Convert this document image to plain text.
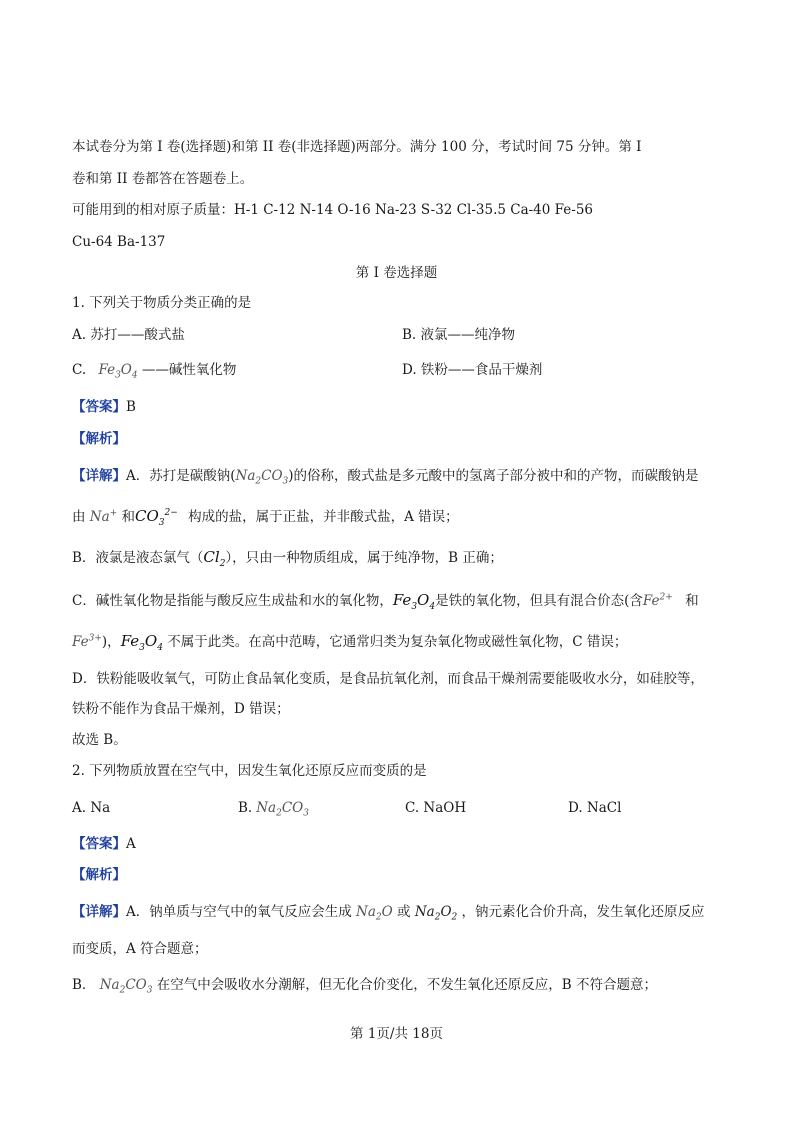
本试卷分为第 I 卷(选择题)和第 II 卷(非选择题)两部分。满分 100 分，考试时间 75 分钟。第 I
卷和第 II 卷都答在答题卷上。
可能用到的相对原子质量：H-1 C-12 N-14 O-16 Na-23 S-32 Cl-35.5 Ca-40 Fe-56
Cu-64 Ba-137
第 I 卷选择题
1. 下列关于物质分类正确的是
A. 苏打——酸式盐	B. 液氯——纯净物
C. $Fe_3O_4$ ——碱性氧化物	D. 铁粉——食品干燥剂
【答案】B
【解析】
【详解】A．苏打是碳酸钠$(Na_2CO_3)$的俗称，酸式盐是多元酸中的氢离子部分被中和的产物，而碳酸钠是
由 Na+ 和$CO_3^{2-}$ 构成的盐，属于正盐，并非酸式盐，A 错误；
B．液氯是液态氯气$(Cl_2)$，只由一种物质组成，属于纯净物，B 正确；
C．碱性氧化物是指能与酸反应生成盐和水的氧化物，$Fe_3O_4$是铁的氧化物，但具有混合价态(含$Fe^{2+}$ 和
$Fe^{3+}$)，$Fe_3O_4$ 不属于此类。在高中范畴，它通常归类为复杂氧化物或磁性氧化物，C 错误；
D．铁粉能吸收氧气，可防止食品氧化变质，是食品抗氧化剂，而食品干燥剂需要能吸收水分，如硅胶等，
铁粉不能作为食品干燥剂，D 错误；
故选 B。
2. 下列物质放置在空气中，因发生氧化还原反应而变质的是
A. Na	B. $Na_2CO_3$	C. NaOH	D. NaCl
【答案】A
【解析】
【详解】A．钠单质与空气中的氧气反应会生成 $Na_2O$ 或 $Na_2O_2$ ，钠元素化合价升高，发生氧化还原反应
而变质，A 符合题意；
B． $Na_2CO_3$ 在空气中会吸收水分潮解，但无化合价变化，不发生氧化还原反应，B 不符合题意；
第 1页/共 18页
